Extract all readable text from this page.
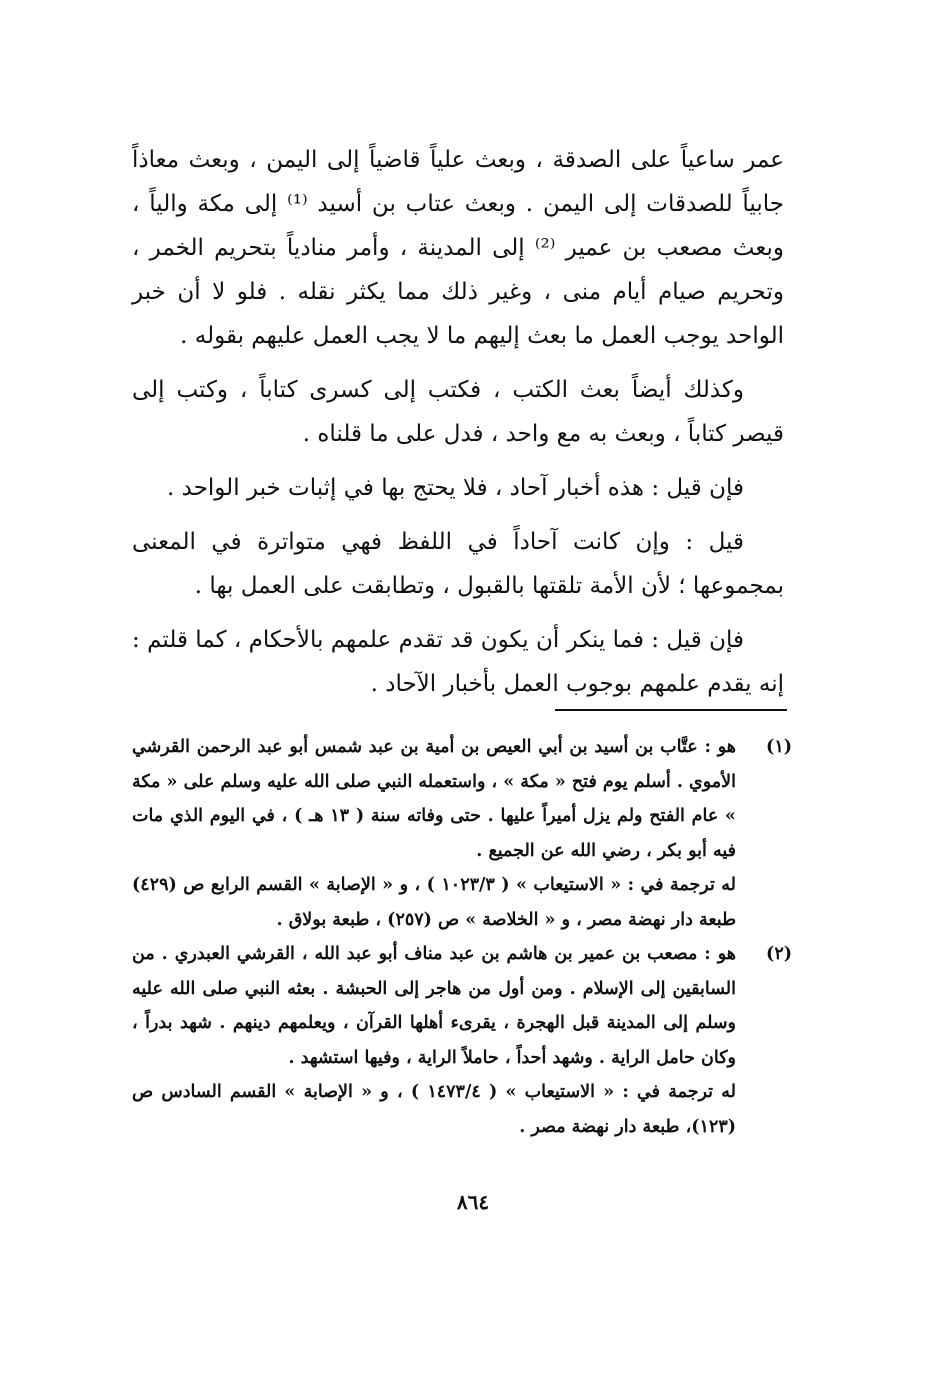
عمر ساعياً على الصدقة ، وبعث علياً قاضياً إلى اليمن ، وبعث معاذاً جابياً للصدقات إلى اليمن . وبعث عتاب بن أسيد ⁽¹⁾ إلى مكة والياً ، وبعث مصعب بن عمير ⁽²⁾ إلى المدينة ، وأمر منادياً بتحريم الخمر ، وتحريم صيام أيام منى ، وغير ذلك مما يكثر نقله . فلو لا أن خبر الواحد يوجب العمل ما بعث إليهم ما لا يجب العمل عليهم بقوله .

وكذلك أيضاً بعث الكتب ، فكتب إلى كسرى كتاباً ، وكتب إلى قيصر كتاباً ، وبعث به مع واحد ، فدل على ما قلناه .

فإن قيل : هذه أخبار آحاد ، فلا يحتج بها في إثبات خبر الواحد .

قيل : وإن كانت آحاداً في اللفظ فهي متواترة في المعنى بمجموعها ؛ لأن الأمة تلقتها بالقبول ، وتطابقت على العمل بها .

فإن قيل : فما ينكر أن يكون قد تقدم علمهم بالأحكام ، كما قلتم : إنه يقدم علمهم بوجوب العمل بأخبار الآحاد .

(١)

هو : عتَّاب بن أسيد بن أبي العيص بن أمية بن عبد شمس أبو عبد الرحمن القرشي الأموي . أسلم يوم فتح « مكة » ، واستعمله النبي صلى الله عليه وسلم على « مكة » عام الفتح ولم يزل أميراً عليها . حتى وفاته سنة ( ١٣ هـ ) ، في اليوم الذي مات فيه أبو بكر ، رضي الله عن الجميع .

له ترجمة في : « الاستيعاب » ( ١٠٢٣/٣ ) ، و « الإصابة » القسم الرابع ص (٤٢٩) طبعة دار نهضة مصر ، و « الخلاصة » ص (٢٥٧) ، طبعة بولاق .

(٢)

هو : مصعب بن عمير بن هاشم بن عبد مناف أبو عبد الله ، القرشي العبدري . من السابقين إلى الإسلام . ومن أول من هاجر إلى الحبشة . بعثه النبي صلى الله عليه وسلم إلى المدينة قبل الهجرة ، يقرىء أهلها القرآن ، ويعلمهم دينهم . شهد بدراً ، وكان حامل الراية . وشهد أحداً ، حاملاً الراية ، وفيها استشهد .

له ترجمة في : « الاستيعاب » ( ١٤٧٣/٤ ) ، و « الإصابة » القسم السادس ص (١٢٣)، طبعة دار نهضة مصر .

٨٦٤
